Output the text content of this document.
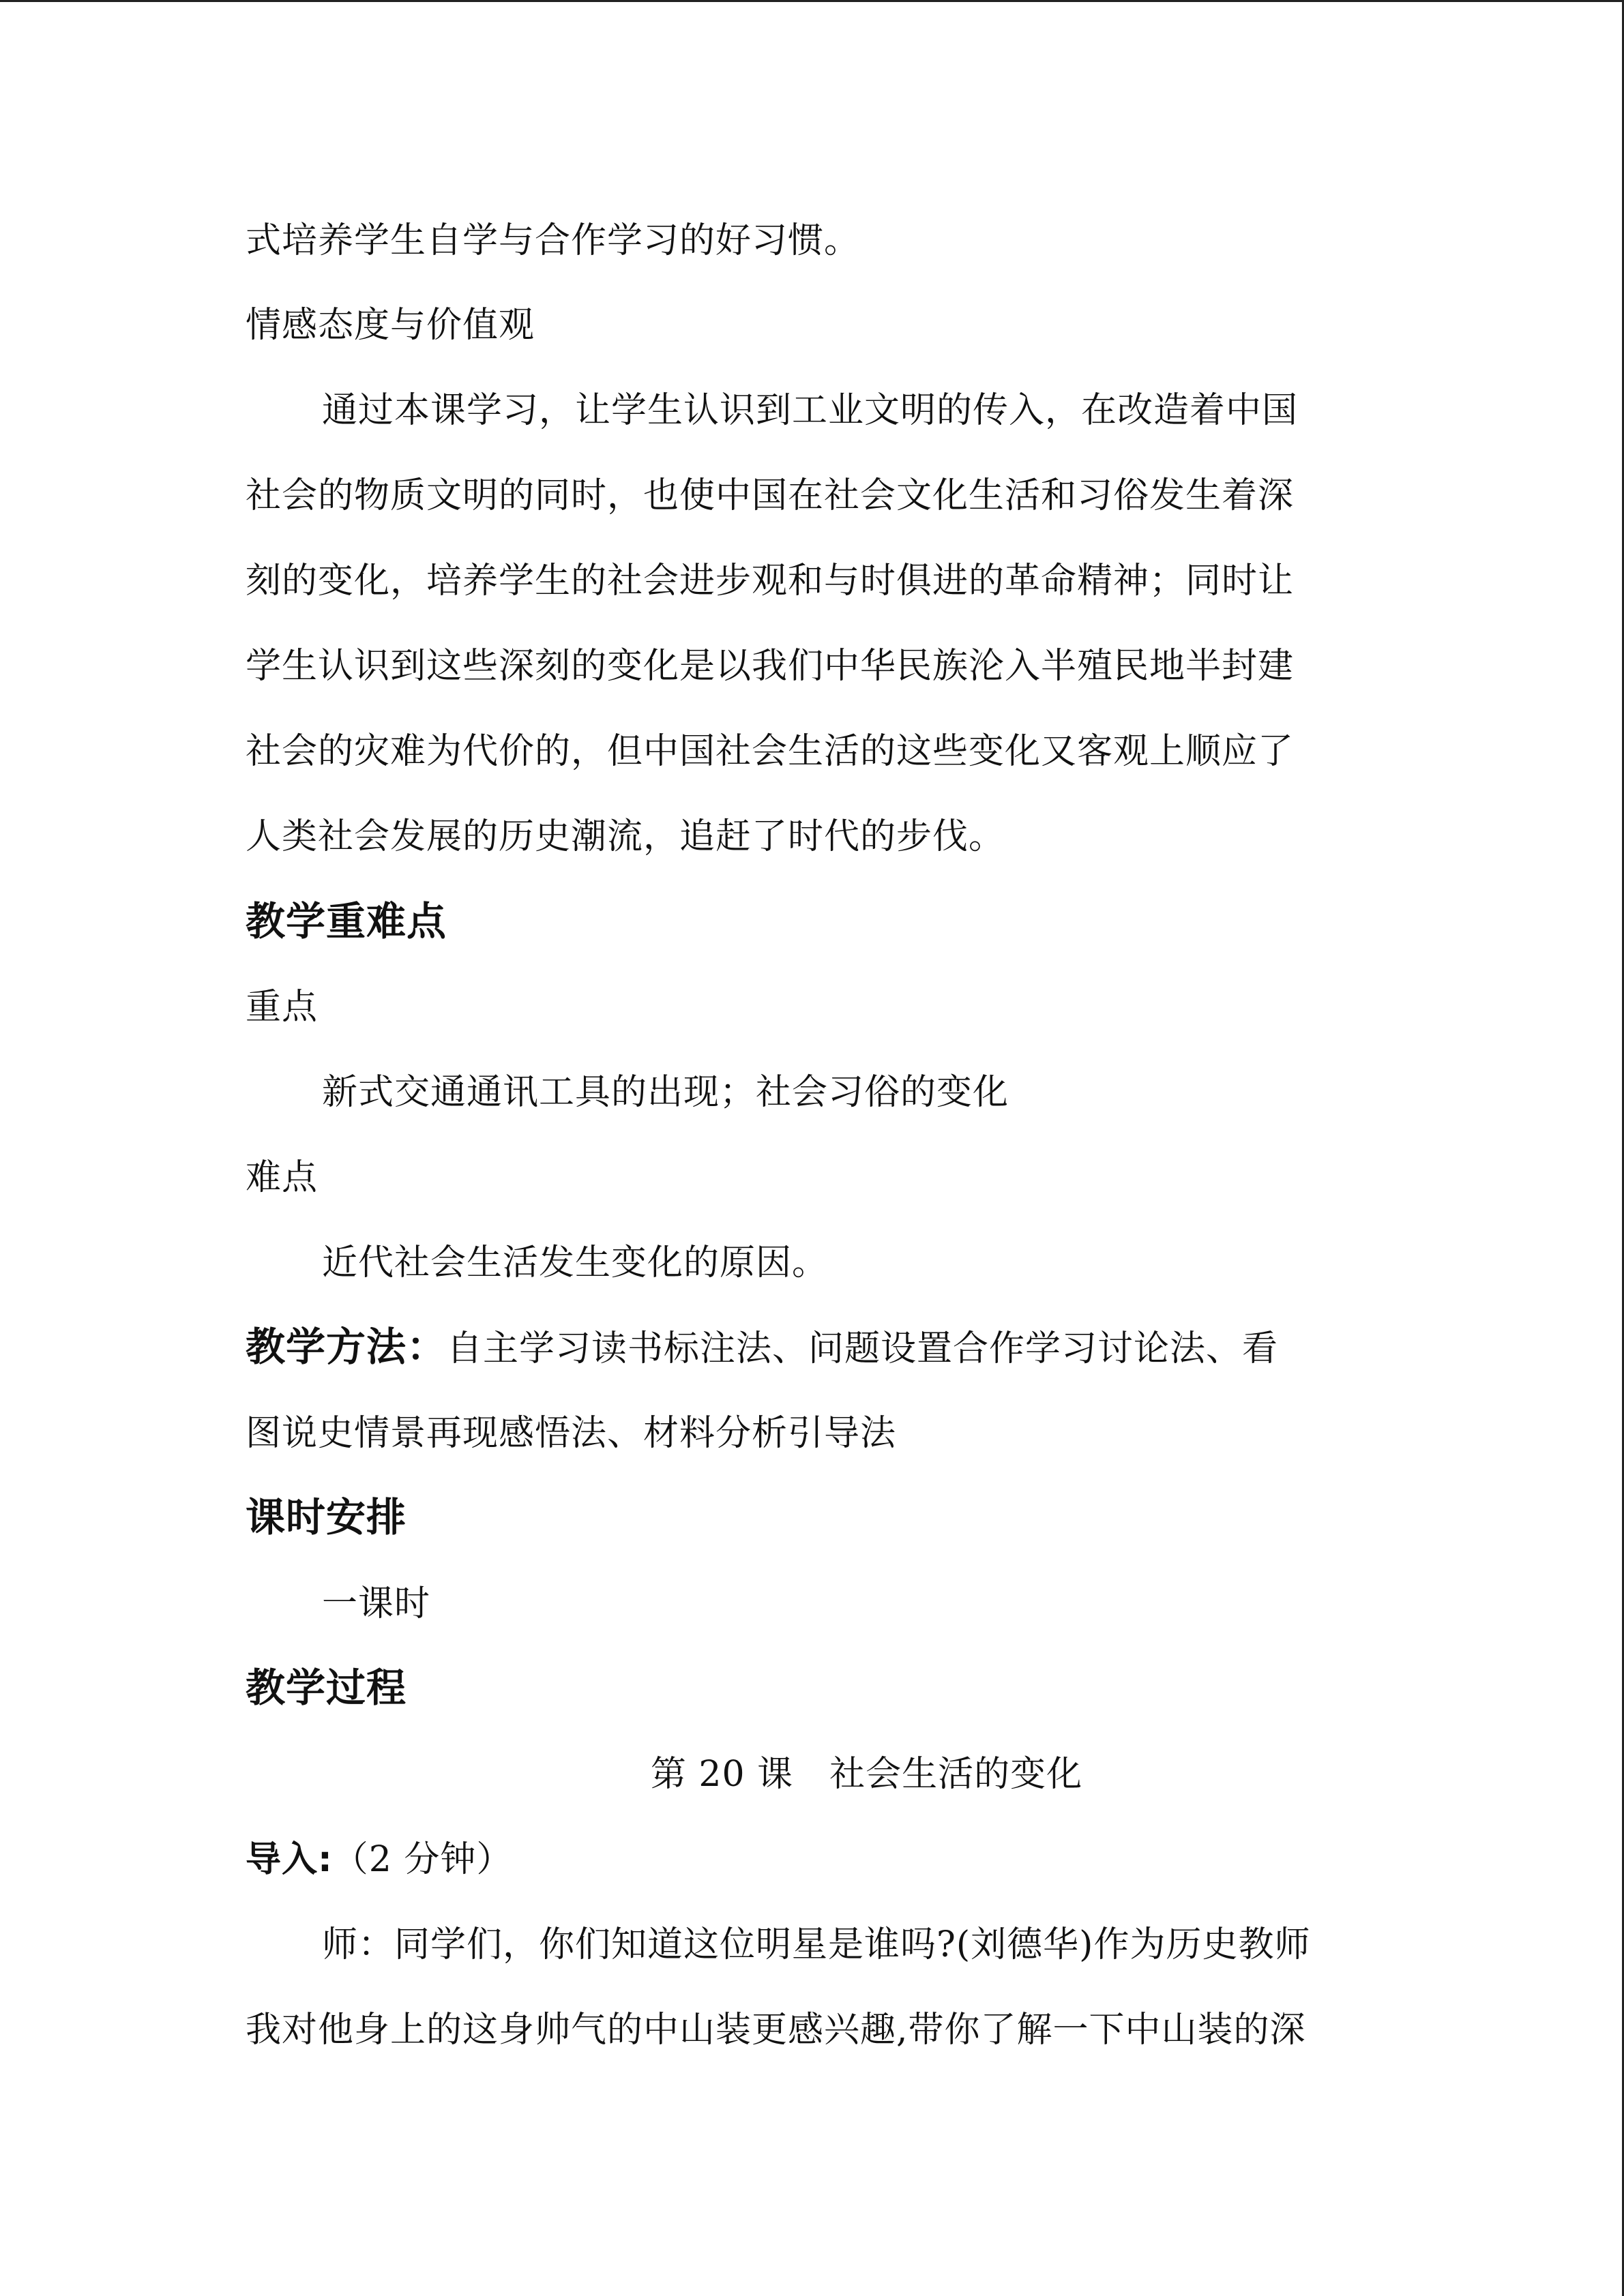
式培养学生自学与合作学习的好习惯。
情感态度与价值观
通过本课学习，让学生认识到工业文明的传入，在改造着中国
社会的物质文明的同时，也使中国在社会文化生活和习俗发生着深
刻的变化，培养学生的社会进步观和与时俱进的革命精神；同时让
学生认识到这些深刻的变化是以我们中华民族沦入半殖民地半封建
社会的灾难为代价的，但中国社会生活的这些变化又客观上顺应了
人类社会发展的历史潮流，追赶了时代的步伐。
教学重难点
重点
新式交通通讯工具的出现；社会习俗的变化
难点
近代社会生活发生变化的原因。
教学方法：自主学习读书标注法、问题设置合作学习讨论法、看
图说史情景再现感悟法、材料分析引导法
课时安排
一课时
教学过程
第 20 课　社会生活的变化
导入:（2 分钟）
师：同学们，你们知道这位明星是谁吗?(刘德华)作为历史教师
我对他身上的这身帅气的中山装更感兴趣,带你了解一下中山装的深
